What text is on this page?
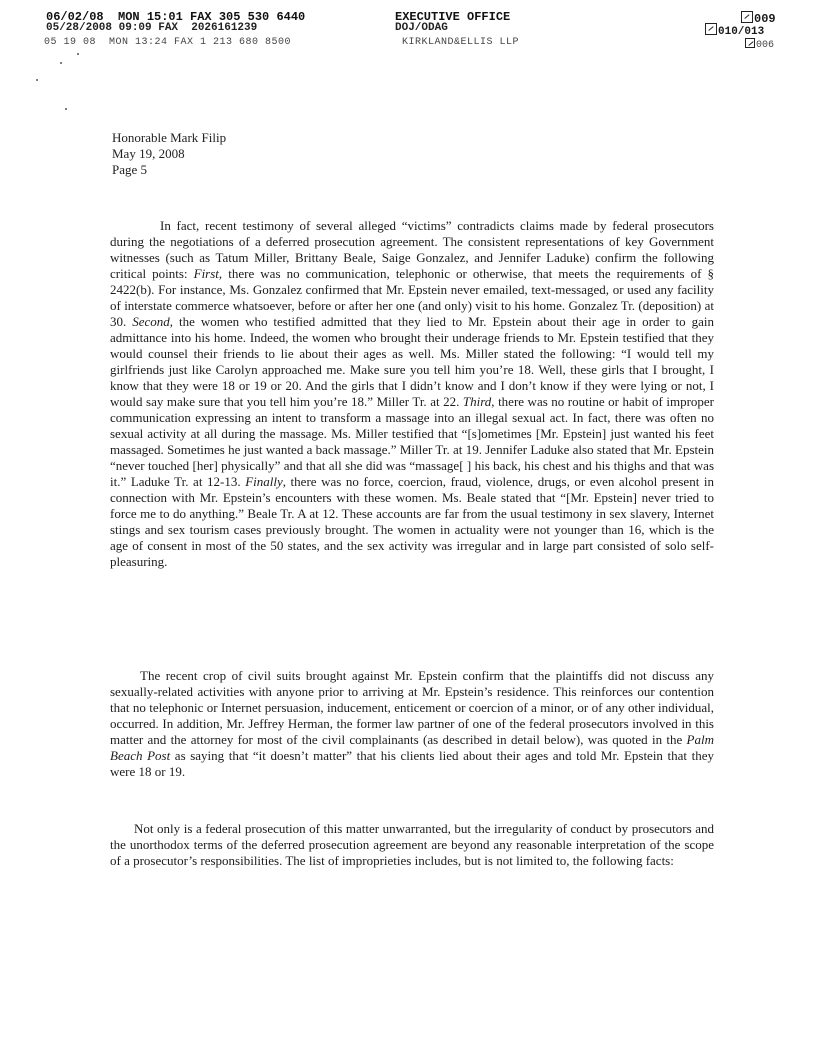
06/02/08  MON 15:01 FAX 305 530 6440	EXECUTIVE OFFICE	009
05/28/2008 09:09 FAX  2026161239	DOJ/ODAG	010/013
05 19 08  MON 13:24 FAX 1 213 680 8500	KIRKLAND&ELLIS LLP	006
Honorable Mark Filip
May 19, 2008
Page 5

In fact, recent testimony of several alleged “victims” contradicts claims made by federal prosecutors during the negotiations of a deferred prosecution agreement. The consistent representations of key Government witnesses (such as Tatum Miller, Brittany Beale, Saige Gonzalez, and Jennifer Laduke) confirm the following critical points: First, there was no communication, telephonic or otherwise, that meets the requirements of § 2422(b). For instance, Ms. Gonzalez confirmed that Mr. Epstein never emailed, text-messaged, or used any facility of interstate commerce whatsoever, before or after her one (and only) visit to his home. Gonzalez Tr. (deposition) at 30. Second, the women who testified admitted that they lied to Mr. Epstein about their age in order to gain admittance into his home. Indeed, the women who brought their underage friends to Mr. Epstein testified that they would counsel their friends to lie about their ages as well. Ms. Miller stated the following: “I would tell my girlfriends just like Carolyn approached me. Make sure you tell him you’re 18. Well, these girls that I brought, I know that they were 18 or 19 or 20. And the girls that I didn’t know and I don’t know if they were lying or not, I would say make sure that you tell him you’re 18.” Miller Tr. at 22. Third, there was no routine or habit of improper communication expressing an intent to transform a massage into an illegal sexual act. In fact, there was often no sexual activity at all during the massage. Ms. Miller testified that “[s]ometimes [Mr. Epstein] just wanted his feet massaged. Sometimes he just wanted a back massage.” Miller Tr. at 19. Jennifer Laduke also stated that Mr. Epstein “never touched [her] physically” and that all she did was “massage[ ] his back, his chest and his thighs and that was it.” Laduke Tr. at 12-13. Finally, there was no force, coercion, fraud, violence, drugs, or even alcohol present in connection with Mr. Epstein’s encounters with these women. Ms. Beale stated that “[Mr. Epstein] never tried to force me to do anything.” Beale Tr. A at 12. These accounts are far from the usual testimony in sex slavery, Internet stings and sex tourism cases previously brought. The women in actuality were not younger than 16, which is the age of consent in most of the 50 states, and the sex activity was irregular and in large part consisted of solo self-pleasuring.

The recent crop of civil suits brought against Mr. Epstein confirm that the plaintiffs did not discuss any sexually-related activities with anyone prior to arriving at Mr. Epstein’s residence. This reinforces our contention that no telephonic or Internet persuasion, inducement, enticement or coercion of a minor, or of any other individual, occurred. In addition, Mr. Jeffrey Herman, the former law partner of one of the federal prosecutors involved in this matter and the attorney for most of the civil complainants (as described in detail below), was quoted in the Palm Beach Post as saying that “it doesn’t matter” that his clients lied about their ages and told Mr. Epstein that they were 18 or 19.

Not only is a federal prosecution of this matter unwarranted, but the irregularity of conduct by prosecutors and the unorthodox terms of the deferred prosecution agreement are beyond any reasonable interpretation of the scope of a prosecutor’s responsibilities. The list of improprieties includes, but is not limited to, the following facts:
